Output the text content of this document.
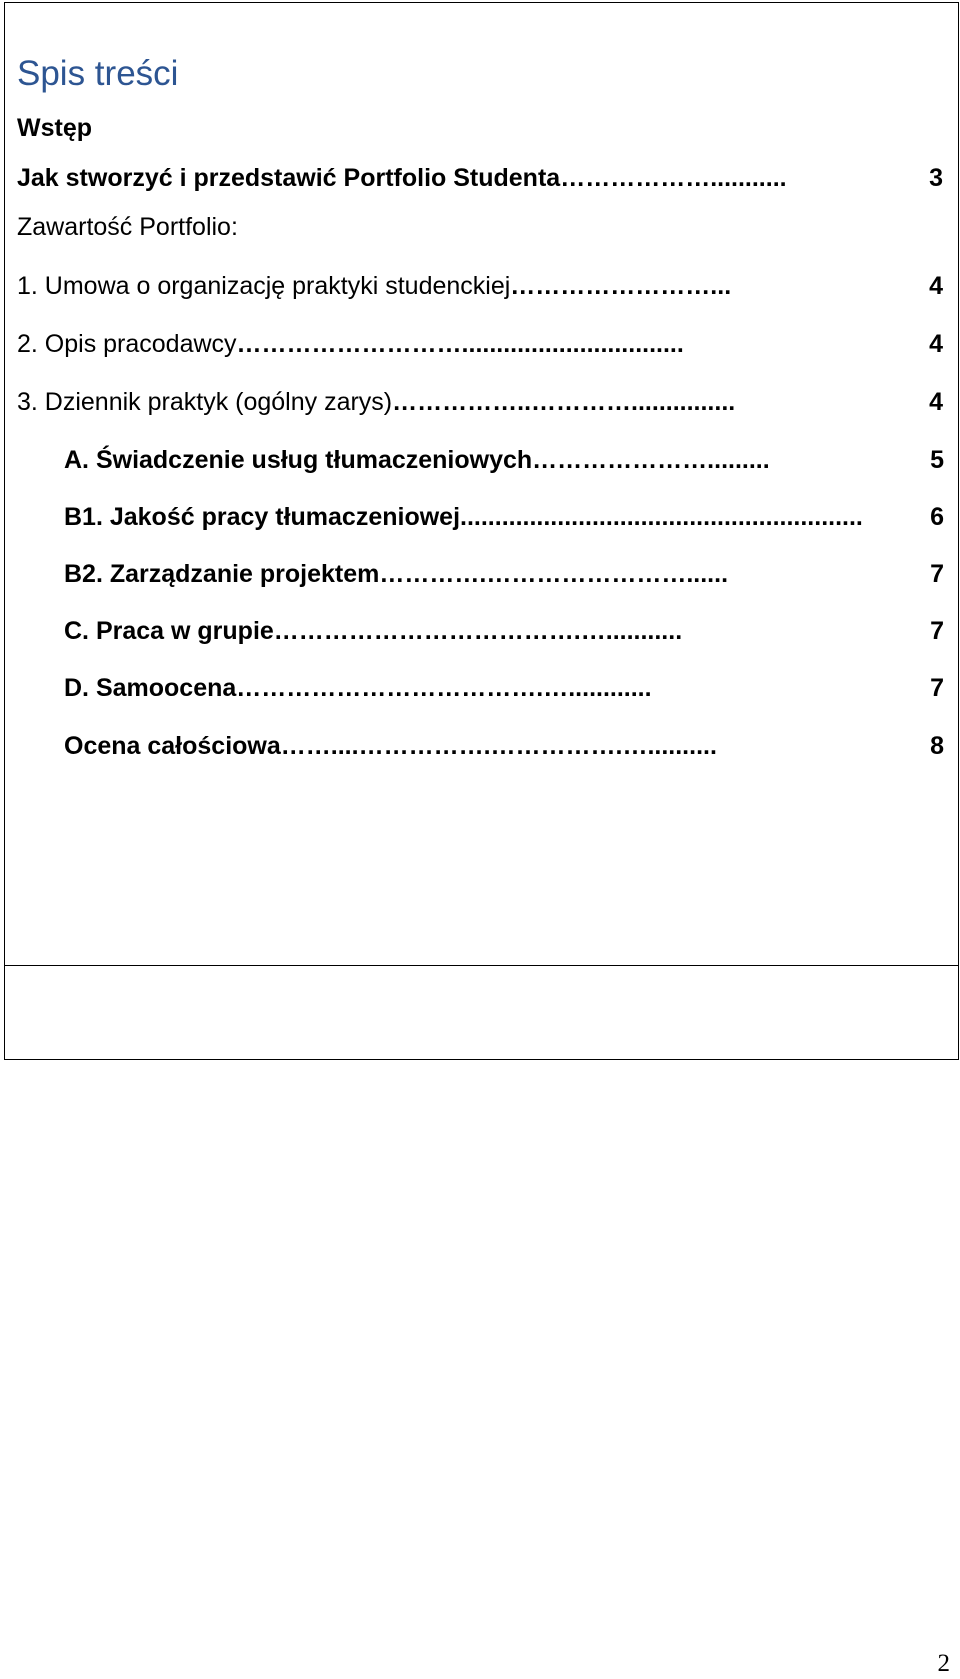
Spis treści
Wstęp
Jak stworzyć i przedstawić Portfolio Studenta ………………...........	3
Zawartość Portfolio:
1. Umowa o organizację praktyki studenckiej ……………………...	4
2. Opis pracodawcy ………………………................................	4
3. Dziennik praktyk (ogólny zarys) ……………..…………...............	4
A. Świadczenie usług tłumaczeniowych ………………….........	5
B1. Jakość pracy tłumaczeniowej ..........................................................	6
B2. Zarządzanie projektem ………….……………………......	7
C. Praca w grupie ……………………………….…...........	7
D. Samoocena ……………………………….…............	7
Ocena całościowa ……....…………….…………….…..........	8
2
